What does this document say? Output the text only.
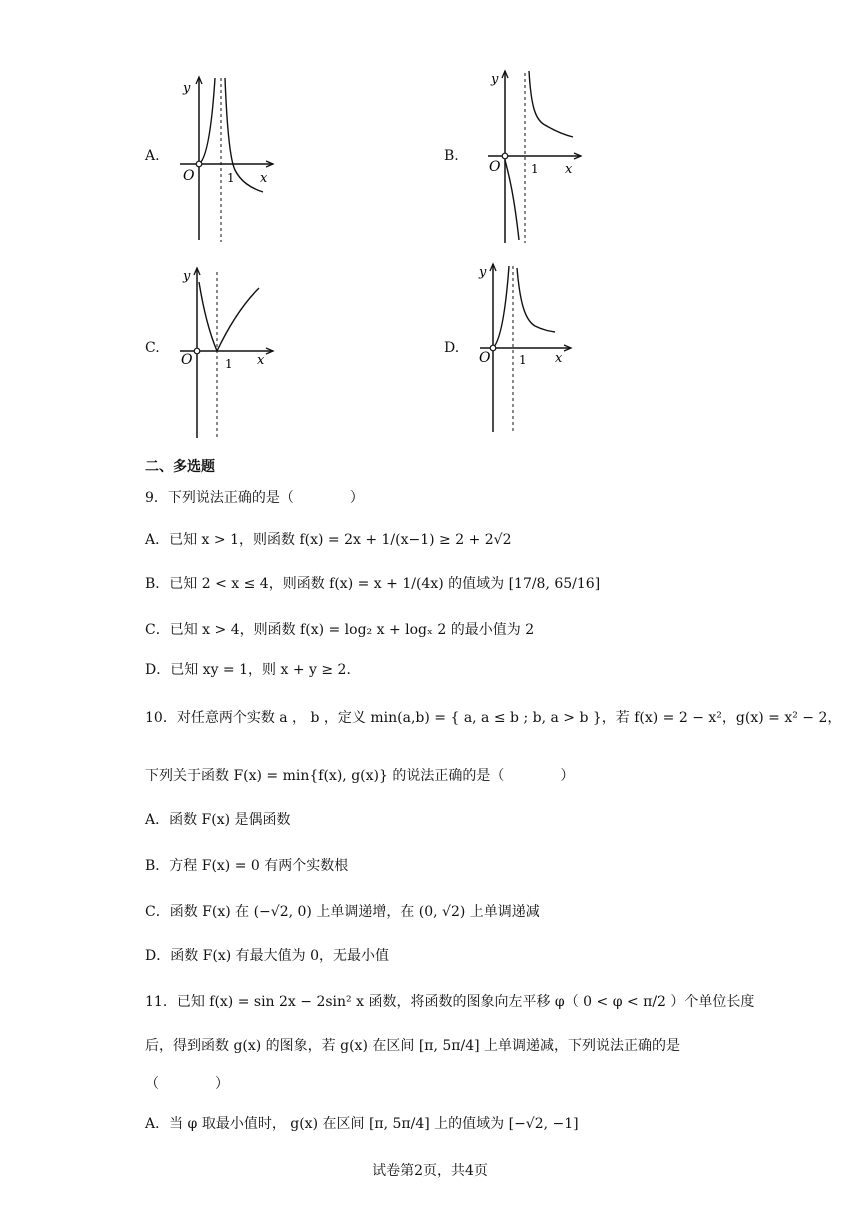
A.
y
O	1 x
B.
y
O	1 x
C.
y
O	1 x
D.
y
O 1 x
二、多选题
9．下列说法正确的是（　　　　）
A．已知 x > 1，则函数 f(x) = 2x + 1/(x−1) ≥ 2 + 2√2
B．已知 2 < x ≤ 4，则函数 f(x) = x + 1/(4x) 的值域为 [17/8, 65/16]
C．已知 x > 4，则函数 f(x) = log₂ x + logₓ 2 的最小值为 2
D．已知 xy = 1，则 x + y ≥ 2．
10．对任意两个实数 a ， b ，定义 min(a,b) = { a, a ≤ b ; b, a > b }，若 f(x) = 2 − x²，g(x) = x² − 2，
下列关于函数 F(x) = min{f(x), g(x)} 的说法正确的是（　　　　）
A．函数 F(x) 是偶函数
B．方程 F(x) = 0 有两个实数根
C．函数 F(x) 在 (−√2, 0) 上单调递增，在 (0, √2) 上单调递减
D．函数 F(x) 有最大值为 0，无最小值
11．已知 f(x) = sin 2x − 2sin² x 函数，将函数的图象向左平移 φ（ 0 < φ < π/2 ）个单位长度
后，得到函数 g(x) 的图象，若 g(x) 在区间 [π, 5π/4] 上单调递减，下列说法正确的是
（　　　　）
A．当 φ 取最小值时， g(x) 在区间 [π, 5π/4] 上的值域为 [−√2, −1]
试卷第2页，共4页
